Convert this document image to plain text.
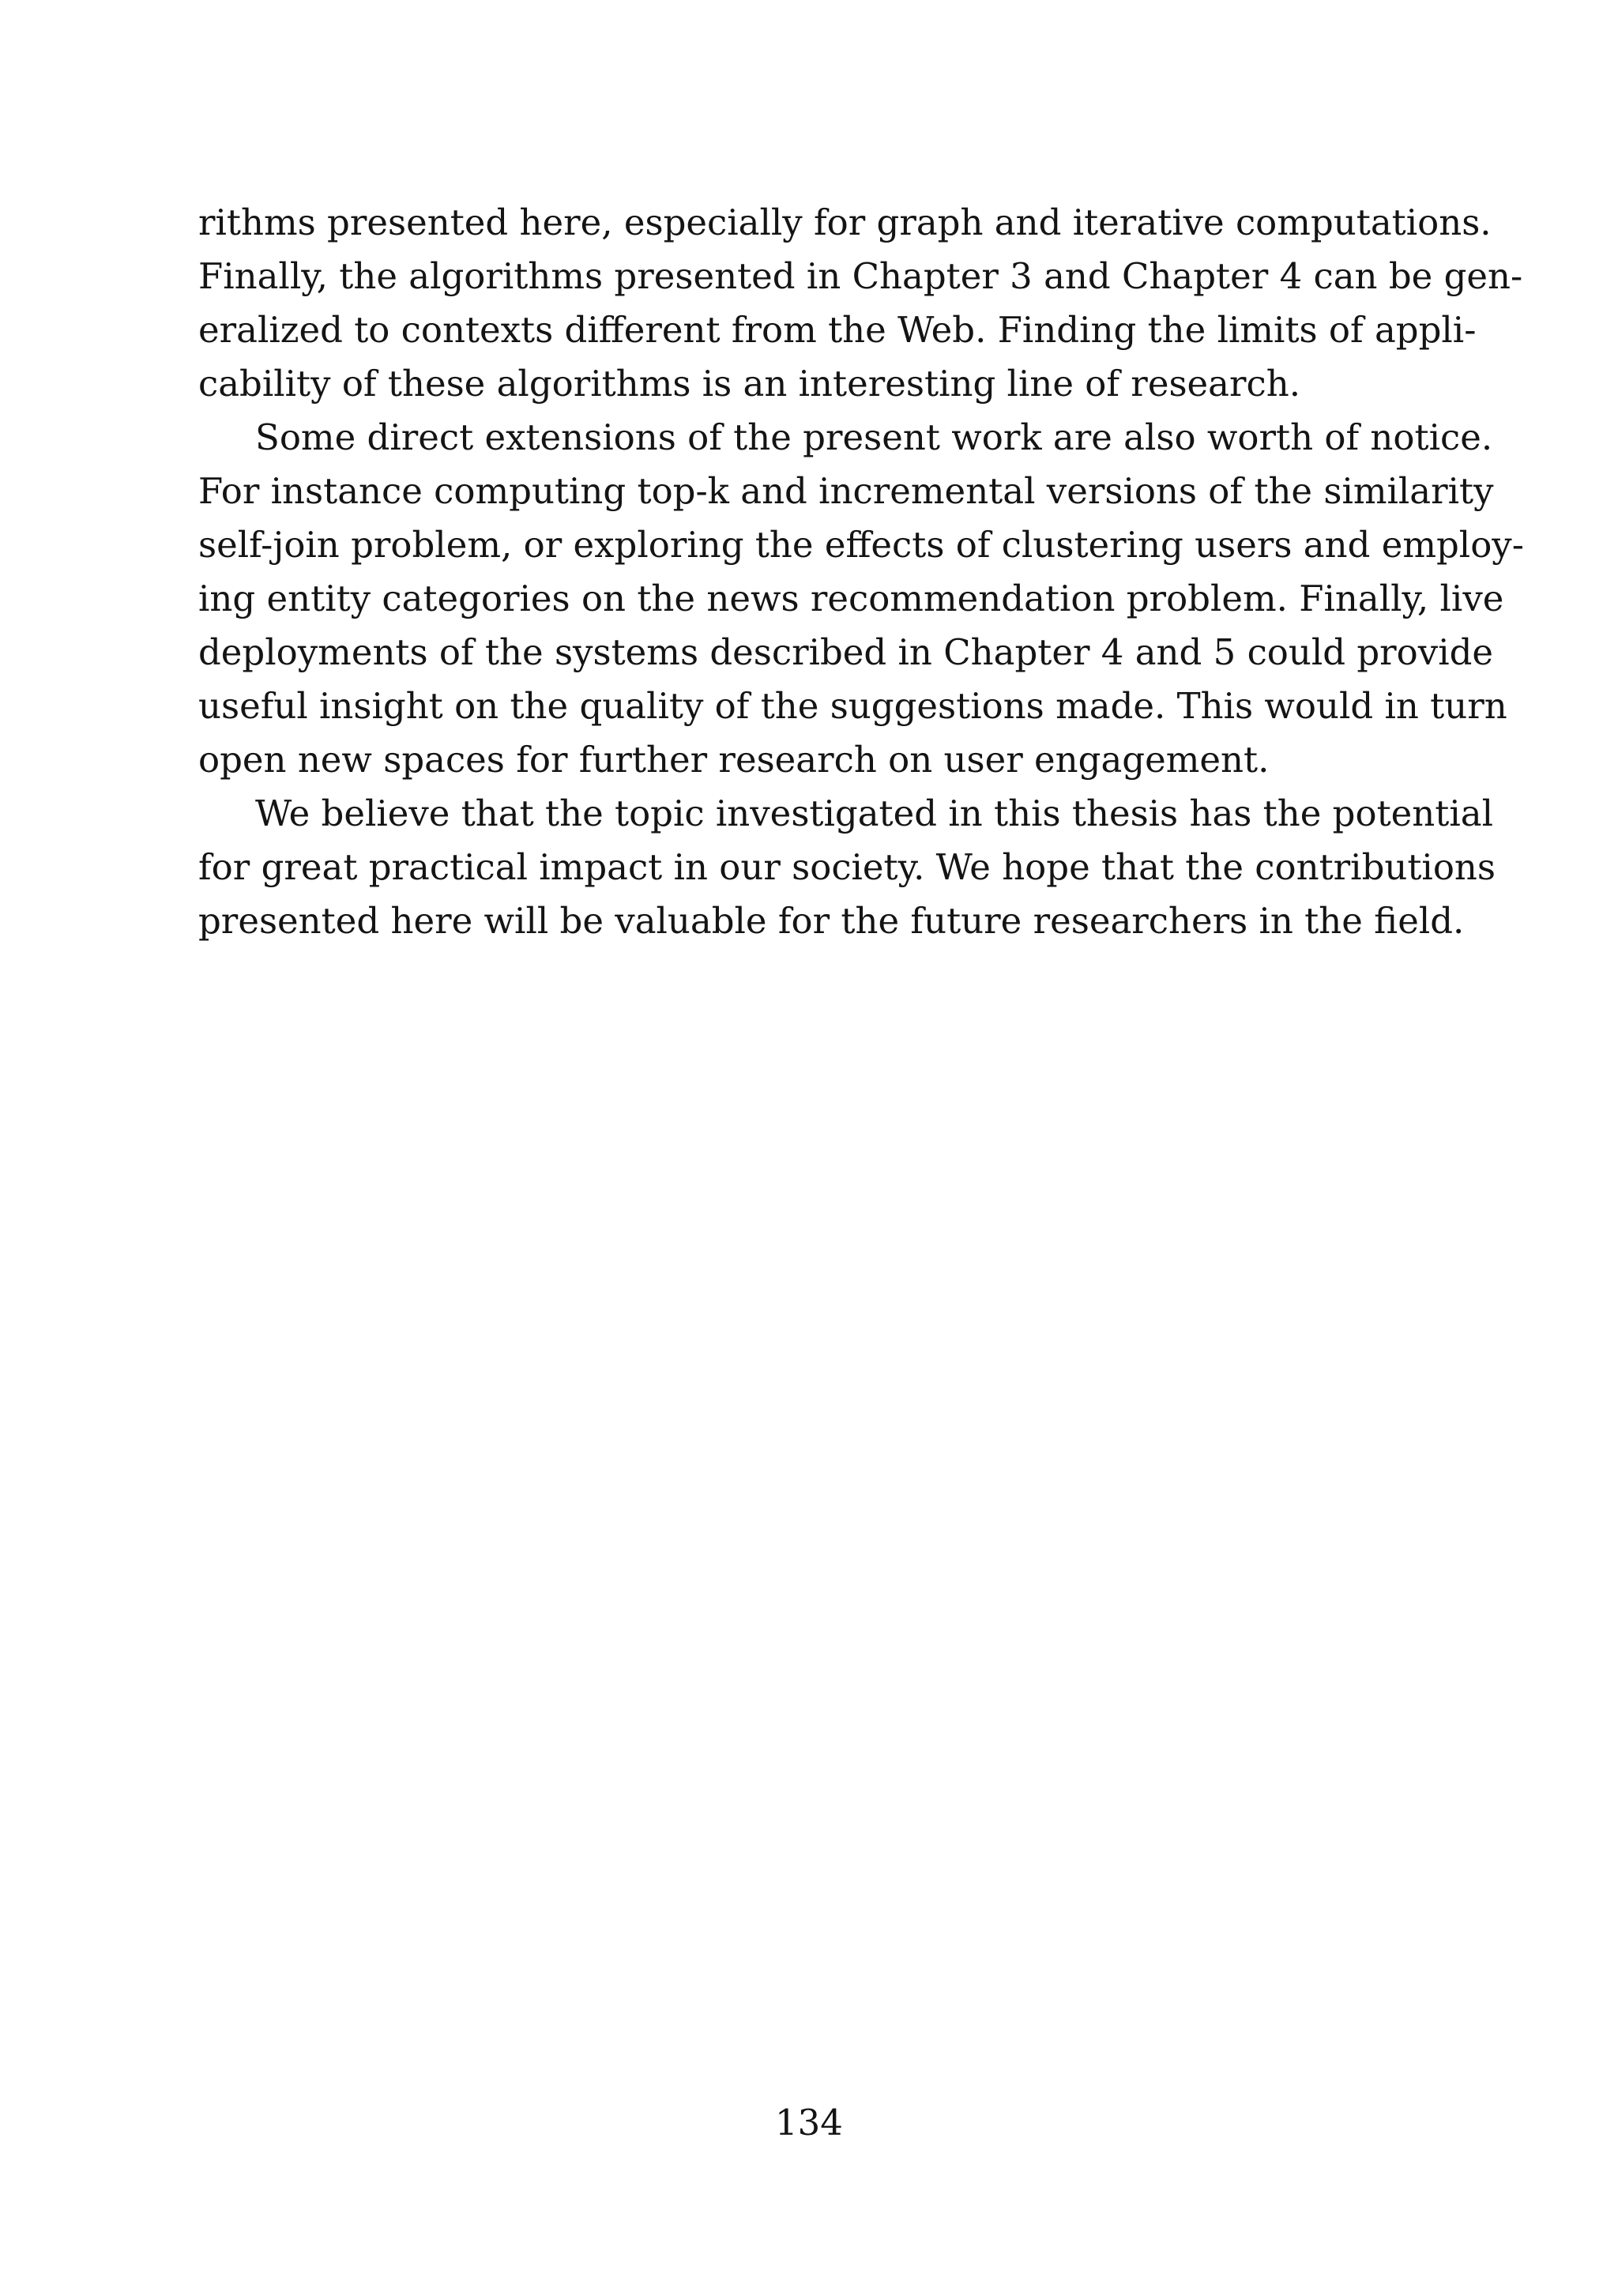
rithms presented here, especially for graph and iterative computations.
Finally, the algorithms presented in Chapter 3 and Chapter 4 can be gen-
eralized to contexts different from the Web. Finding the limits of appli-
cability of these algorithms is an interesting line of research.
Some direct extensions of the present work are also worth of notice.
For instance computing top-k and incremental versions of the similarity
self-join problem, or exploring the effects of clustering users and employ-
ing entity categories on the news recommendation problem. Finally, live
deployments of the systems described in Chapter 4 and 5 could provide
useful insight on the quality of the suggestions made. This would in turn
open new spaces for further research on user engagement.
We believe that the topic investigated in this thesis has the potential
for great practical impact in our society. We hope that the contributions
presented here will be valuable for the future researchers in the field.
134
